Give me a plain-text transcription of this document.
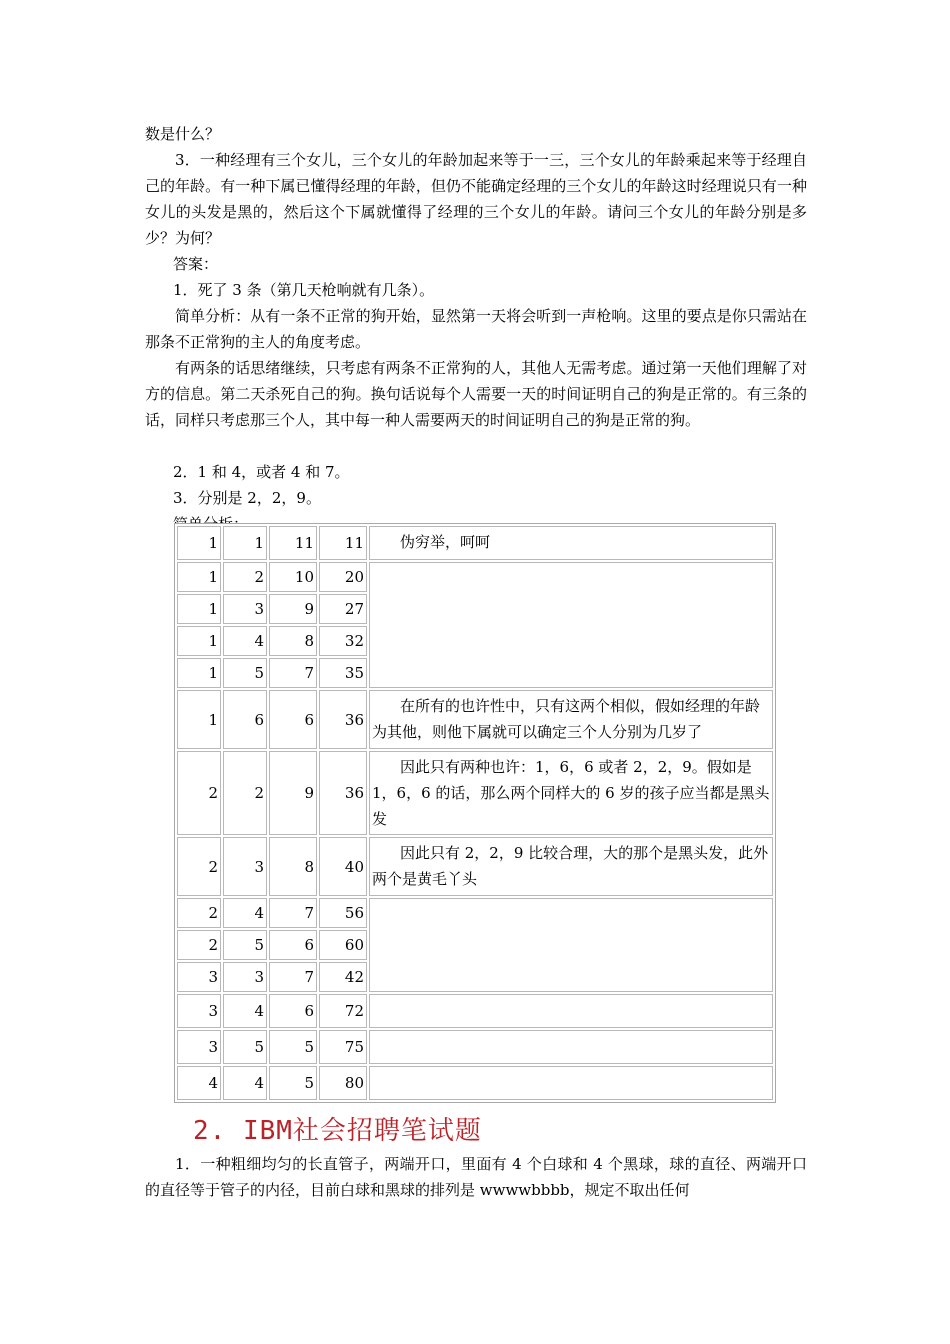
数是什么？

3．一种经理有三个女儿，三个女儿的年龄加起来等于一三，三个女儿的年龄乘起来等于经理自己的年龄。有一种下属已懂得经理的年龄，但仍不能确定经理的三个女儿的年龄这时经理说只有一种女儿的头发是黑的，然后这个下属就懂得了经理的三个女儿的年龄。请问三个女儿的年龄分别是多少？为何？

答案：

1．死了 3 条（第几天枪响就有几条）。

简单分析：从有一条不正常的狗开始，显然第一天将会听到一声枪响。这里的要点是你只需站在那条不正常狗的主人的角度考虑。

有两条的话思绪继续，只考虑有两条不正常狗的人，其他人无需考虑。通过第一天他们理解了对方的信息。第二天杀死自己的狗。换句话说每个人需要一天的时间证明自己的狗是正常的。有三条的话，同样只考虑那三个人，其中每一种人需要两天的时间证明自己的狗是正常的狗。

2．1 和 4，或者 4 和 7。

3．分别是 2，2，9。

1	1	11	11	伪穷举，呵呵
1	2	10	20	
1	3	9	27	
1	4	8	32	
1	5	7	35	
1	6	6	36	在所有的也许性中，只有这两个相似，假如经理的年龄为其他，则他下属就可以确定三个人分别为几岁了
2	2	9	36	因此只有两种也许：1，6，6 或者 2，2，9。假如是 1，6，6 的话，那么两个同样大的 6 岁的孩子应当都是黑头发
2	3	8	40	因此只有 2，2，9 比较合理，大的那个是黑头发，此外两个是黄毛丫头
2	4	7	56	
2	5	6	60	
3	3	7	42	
3	4	6	72	
3	5	5	75	
4	4	5	80	
2. IBM社会招聘笔试题

1．一种粗细均匀的长直管子，两端开口，里面有 4 个白球和 4 个黑球，球的直径、两端开口的直径等于管子的内径，目前白球和黑球的排列是 wwwwbbbb，规定不取出任何
